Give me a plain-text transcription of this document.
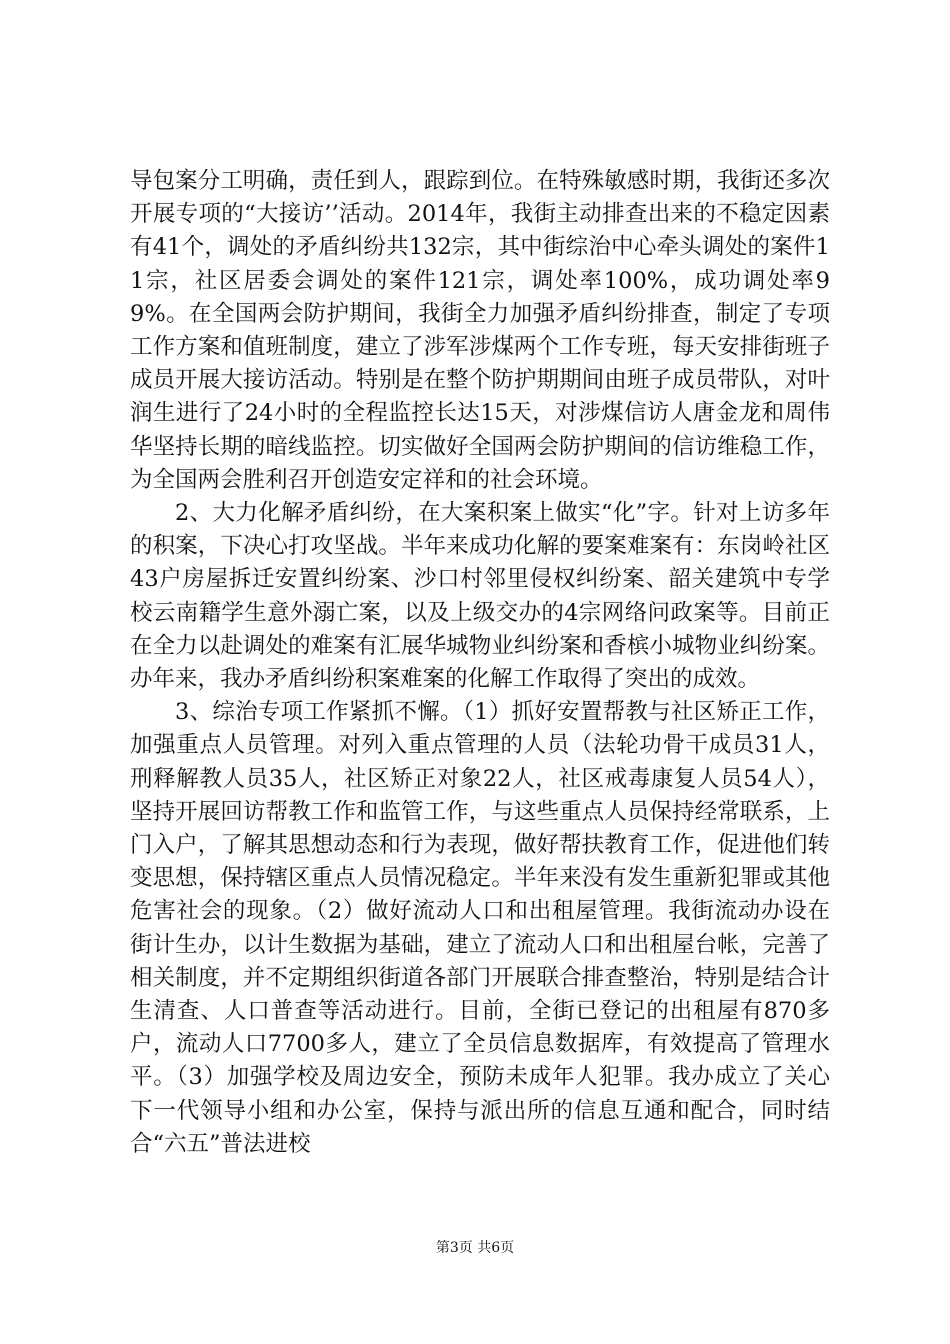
导包案分工明确，责任到人，跟踪到位。在特殊敏感时期，我街还多次开展专项的“大接访’’活动。2014年，我街主动排查出来的不稳定因素有41个，调处的矛盾纠纷共132宗，其中街综治中心牵头调处的案件11宗，社区居委会调处的案件121宗，调处率100%，成功调处率99%。在全国两会防护期间，我街全力加强矛盾纠纷排查，制定了专项工作方案和值班制度，建立了涉军涉煤两个工作专班，每天安排街班子成员开展大接访活动。特别是在整个防护期期间由班子成员带队，对叶润生进行了24小时的全程监控长达15天，对涉煤信访人唐金龙和周伟华坚持长期的暗线监控。切实做好全国两会防护期间的信访维稳工作，为全国两会胜利召开创造安定祥和的社会环境。

2、大力化解矛盾纠纷，在大案积案上做实“化”字。针对上访多年的积案，下决心打攻坚战。半年来成功化解的要案难案有：东岗岭社区43户房屋拆迁安置纠纷案、沙口村邻里侵权纠纷案、韶关建筑中专学校云南籍学生意外溺亡案，以及上级交办的4宗网络问政案等。目前正在全力以赴调处的难案有汇展华城物业纠纷案和香槟小城物业纠纷案。办年来，我办矛盾纠纷积案难案的化解工作取得了突出的成效。

3、综治专项工作紧抓不懈。（1）抓好安置帮教与社区矫正工作，加强重点人员管理。对列入重点管理的人员（法轮功骨干成员31人，刑释解教人员35人，社区矫正对象22人，社区戒毒康复人员54人），坚持开展回访帮教工作和监管工作，与这些重点人员保持经常联系，上门入户，了解其思想动态和行为表现，做好帮扶教育工作，促进他们转变思想，保持辖区重点人员情况稳定。半年来没有发生重新犯罪或其他危害社会的现象。（2）做好流动人口和出租屋管理。我街流动办设在街计生办，以计生数据为基础，建立了流动人口和出租屋台帐，完善了相关制度，并不定期组织街道各部门开展联合排查整治，特别是结合计生清查、人口普查等活动进行。目前，全街已登记的出租屋有870多户，流动人口7700多人，建立了全员信息数据库，有效提高了管理水平。（3）加强学校及周边安全，预防未成年人犯罪。我办成立了关心下一代领导小组和办公室，保持与派出所的信息互通和配合，同时结合“六五”普法进校

第3页 共6页
